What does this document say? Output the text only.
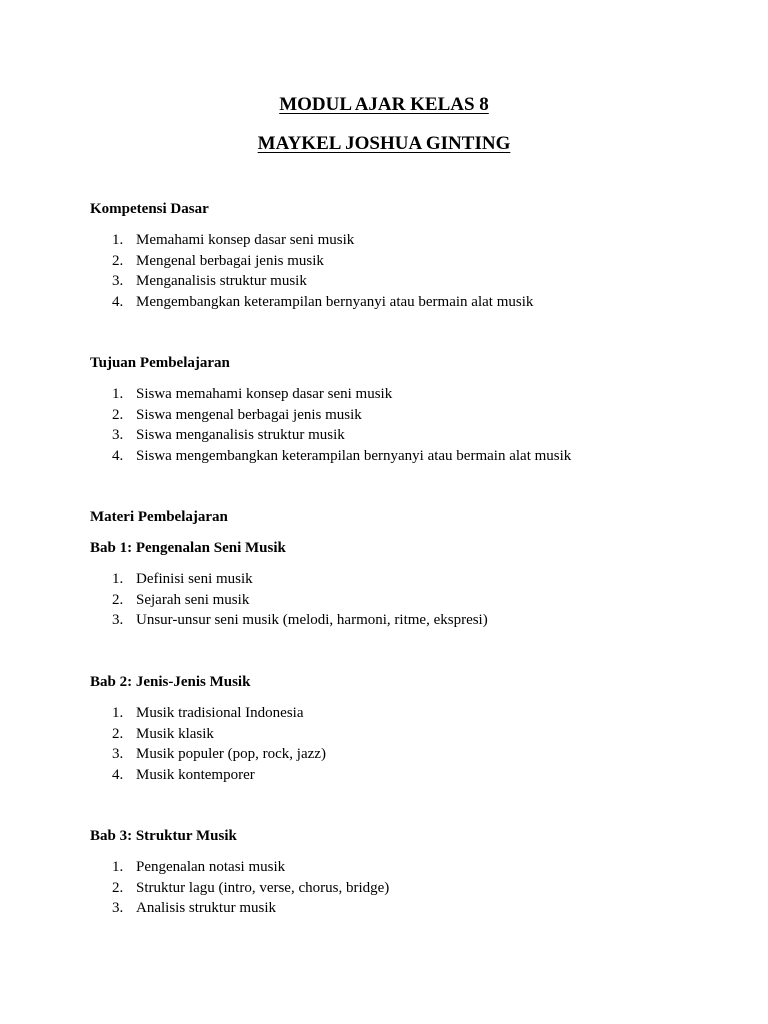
MODUL AJAR KELAS 8
MAYKEL JOSHUA GINTING
Kompetensi Dasar
1. Memahami konsep dasar seni musik
2. Mengenal berbagai jenis musik
3. Menganalisis struktur musik
4. Mengembangkan keterampilan bernyanyi atau bermain alat musik
Tujuan Pembelajaran
1. Siswa memahami konsep dasar seni musik
2. Siswa mengenal berbagai jenis musik
3. Siswa menganalisis struktur musik
4. Siswa mengembangkan keterampilan bernyanyi atau bermain alat musik
Materi Pembelajaran
Bab 1: Pengenalan Seni Musik
1. Definisi seni musik
2. Sejarah seni musik
3. Unsur-unsur seni musik (melodi, harmoni, ritme, ekspresi)
Bab 2: Jenis-Jenis Musik
1. Musik tradisional Indonesia
2. Musik klasik
3. Musik populer (pop, rock, jazz)
4. Musik kontemporer
Bab 3: Struktur Musik
1. Pengenalan notasi musik
2. Struktur lagu (intro, verse, chorus, bridge)
3. Analisis struktur musik
